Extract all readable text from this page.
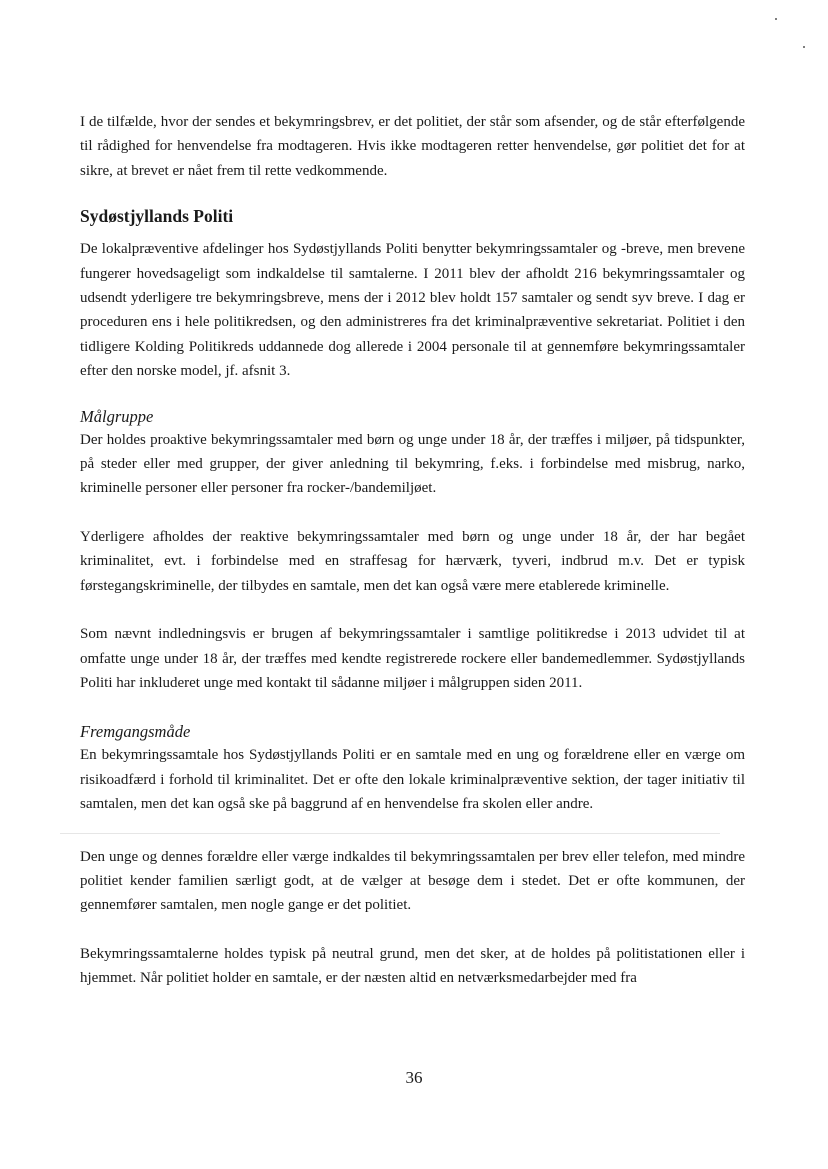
I de tilfælde, hvor der sendes et bekymringsbrev, er det politiet, der står som afsender, og de står efterfølgende til rådighed for henvendelse fra modtageren. Hvis ikke modtageren retter henvendelse, gør politiet det for at sikre, at brevet er nået frem til rette vedkommende.

Sydøstjyllands Politi

De lokalpræventive afdelinger hos Sydøstjyllands Politi benytter bekymringssamtaler og -breve, men brevene fungerer hovedsageligt som indkaldelse til samtalerne. I 2011 blev der afholdt 216 bekymringssamtaler og udsendt yderligere tre bekymringsbreve, mens der i 2012 blev holdt 157 samtaler og sendt syv breve. I dag er proceduren ens i hele politikredsen, og den administreres fra det kriminalpræventive sekretariat. Politiet i den tidligere Kolding Politikreds uddannede dog allerede i 2004 personale til at gennemføre bekymringssamtaler efter den norske model, jf. afsnit 3.

Målgruppe

Der holdes proaktive bekymringssamtaler med børn og unge under 18 år, der træffes i miljøer, på tidspunkter, på steder eller med grupper, der giver anledning til bekymring, f.eks. i forbindelse med misbrug, narko, kriminelle personer eller personer fra rocker-/bandemiljøet.

Yderligere afholdes der reaktive bekymringssamtaler med børn og unge under 18 år, der har begået kriminalitet, evt. i forbindelse med en straffesag for hærværk, tyveri, indbrud m.v. Det er typisk førstegangskriminelle, der tilbydes en samtale, men det kan også være mere etablerede kriminelle.

Som nævnt indledningsvis er brugen af bekymringssamtaler i samtlige politikredse i 2013 udvidet til at omfatte unge under 18 år, der træffes med kendte registrerede rockere eller bandemedlemmer. Sydøstjyllands Politi har inkluderet unge med kontakt til sådanne miljøer i målgruppen siden 2011.

Fremgangsmåde

En bekymringssamtale hos Sydøstjyllands Politi er en samtale med en ung og forældrene eller en værge om risikoadfærd i forhold til kriminalitet. Det er ofte den lokale kriminalpræventive sektion, der tager initiativ til samtalen, men det kan også ske på baggrund af en henvendelse fra skolen eller andre.

Den unge og dennes forældre eller værge indkaldes til bekymringssamtalen per brev eller telefon, med mindre politiet kender familien særligt godt, at de vælger at besøge dem i stedet. Det er ofte kommunen, der gennemfører samtalen, men nogle gange er det politiet.

Bekymringssamtalerne holdes typisk på neutral grund, men det sker, at de holdes på politistationen eller i hjemmet. Når politiet holder en samtale, er der næsten altid en netværksmedarbejder med fra

36
